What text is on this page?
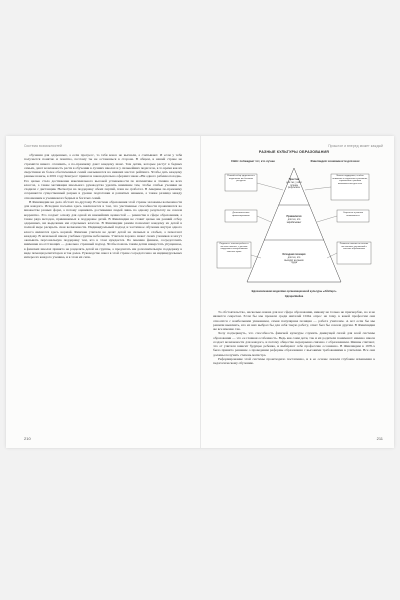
Система возможностей

обучения для одаренных, а если прогресс, то тебя вовсе не выгнали, а считывают. И если у тебя получается понятно и понятно, поэтому ты не останешься в стороне. В общем, в нашей стране не стремятся никого отсеивать, а по-прежнему дают каждому шанс. Тем детям, которые растут в бедных семьях, дают возможность расти в обучении в лучших школах и у сильнейших педагогов, в то время как их сверстники из более обеспеченных семей оказываются на нижних местах рейтинга. Чтобы дать каждому равные шансы, в 2001 году Конгресс принял и законодательно оформил закон «Ни одного ребенка позади». Его целью стало достижение максимального высокой успеваемости по математике и чтению во всех классах, а также мотивация школьного руководства уделять внимание тем, чтобы слабые ученики не сходили с дистанции. Несмотря на поддержку обеих партий, план не сработал. В Америке по-прежнему сохраняется существенный разрыв в уровне подготовки и развитых навыков, а также разница между отношением к ученикам из бедных и богатых семей.

В Финляндии же дела обстоят по-другому. В системе образования этой страны заложены возможности для каждого. Исходная посылка здесь заключается в том, что умственные способности проявляются во множестве разных форм, а потому оценивать достижения людей лишь по одному результату не совсем корректно. Это создает основу для одной из важнейших ценностей — равенства в сфере образования, а также ряда методов, применяемых в поддержке детей. В Финляндии не ставят целью ни ранний отбор одаренных, ни выделение им отдельных классов. В Финляндии режим позволяет каждому из детей в полной мере раскрыть свои возможности. Индивидуальный подход и частичное обучение внутри одного класса являются здесь нормой. Финские учителя не делят детей на сильных и слабых, а помогают каждому. В начальной школе учебные группы небольшие. Учителя хорошо знают своих учеников и могут оказывать персональную поддержку тем, кто в этом нуждается. По мнению финнов, сосредоточить внимание на отстающих — довольно странный подход. Чтобы помочь таким детям наверстать упущенное, в финских школах принято не разделять детей на группы, а предлагать им дополнительную поддержку в виде помощи репетиторов и так далее. Руководство школ в этой стране сосредоточено на индивидуальных интересах каждого ученика, и в этом их сила.

210
Прошлое и вперед может каждый
РАЗНЫЕ КУЛЬТУРЫ ОБРАЗОВАНИЯ
США: побеждает тот, кто лучше	Финляндия: возможности для всех
Престиж
для тех, у кого
лучшие
результаты
Привилегия
для тех, кто
зарабатывает
Исходная позиция
для тех, кто
выходит на рынок
труда
Ранний отбор одаренных и выделение им больших ресурсов
Дополнительное финансирование
Педагоги с опытом работы в частных школах, с детьми-лидерами и выпускниками элитных вузов
Личная поддержка, особое внимание к педагогам и ученикам, стремление к равным возможностям для всех
Открытые и равные возможности
Развитые навыки на основе постоянных улучшений в системе образования
Вдохновленная моделями организационной культуры «Айсберг»
Эдгара Шейна

То обстоятельство, насколько важна для нас сфера образования, никому не только не прискорбно, но и не является секретом. Если бы мы провели среди жителей США опрос на тему, к какой профессии они относятся с наибольшим уважением, самая популярная позиция — работа учителем. А вот если бы мы решили выяснить, кто из них выбрал бы для себя такую работу, ответ был бы совсем другим. В Финляндии же все именно так.

Хочу подчеркнуть, что способность финской культуры служить движущей силой для всей системы образования — это ее главная особенность. Ведь как сами дети, так и их родители понимают: именно школа создает возможности для каждого, и потому общество неразрывно связано с образованием. Финны считают, что от учителя зависит будущее ребенка, и выбирают себе профессию осознанно. В Финляндии в 1970-х было принято решение о проведении реформы образования с высокими требованиями к учителям. Все они должны получить степень магистра.

Реформирование этой системы происходило постепенно, и в ее основе лежали глубокие изменения к педагогическому обучению.

211
